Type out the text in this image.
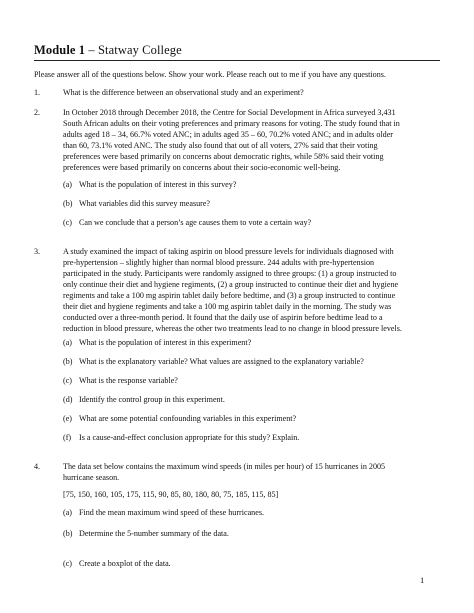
Module 1 – Statway College
Please answer all of the questions below. Show your work. Please reach out to me if you have any questions.
1.	What is the difference between an observational study and an experiment?
2.	In October 2018 through December 2018, the Centre for Social Development in Africa surveyed 3,431
South African adults on their voting preferences and primary reasons for voting. The study found that in
adults aged 18 – 34, 66.7% voted ANC; in adults aged 35 – 60, 70.2% voted ANC; and in adults older
than 60, 73.1% voted ANC. The study also found that out of all voters, 27% said that their voting
preferences were based primarily on concerns about democratic rights, while 58% said their voting
preferences were based primarily on concerns about their socio-economic well-being.
(a) What is the population of interest in this survey?
(b) What variables did this survey measure?
(c) Can we conclude that a person’s age causes them to vote a certain way?
3.	A study examined the impact of taking aspirin on blood pressure levels for individuals diagnosed with
pre-hypertension – slightly higher than normal blood pressure. 244 adults with pre-hypertension
participated in the study. Participants were randomly assigned to three groups: (1) a group instructed to
only continue their diet and hygiene regiments, (2) a group instructed to continue their diet and hygiene
regiments and take a 100 mg aspirin tablet daily before bedtime, and (3) a group instructed to continue
their diet and hygiene regiments and take a 100 mg aspirin tablet daily in the morning. The study was
conducted over a three-month period. It found that the daily use of aspirin before bedtime lead to a
reduction in blood pressure, whereas the other two treatments lead to no change in blood pressure levels.
(a) What is the population of interest in this experiment?
(b) What is the explanatory variable? What values are assigned to the explanatory variable?
(c) What is the response variable?
(d) Identify the control group in this experiment.
(e) What are some potential confounding variables in this experiment?
(f) Is a cause-and-effect conclusion appropriate for this study? Explain.
4.	The data set below contains the maximum wind speeds (in miles per hour) of 15 hurricanes in 2005
hurricane season.
[75, 150, 160, 105, 175, 115, 90, 85, 80, 180, 80, 75, 185, 115, 85]
(a) Find the mean maximum wind speed of these hurricanes.
(b) Determine the 5-number summary of the data.
(c) Create a boxplot of the data.
1
